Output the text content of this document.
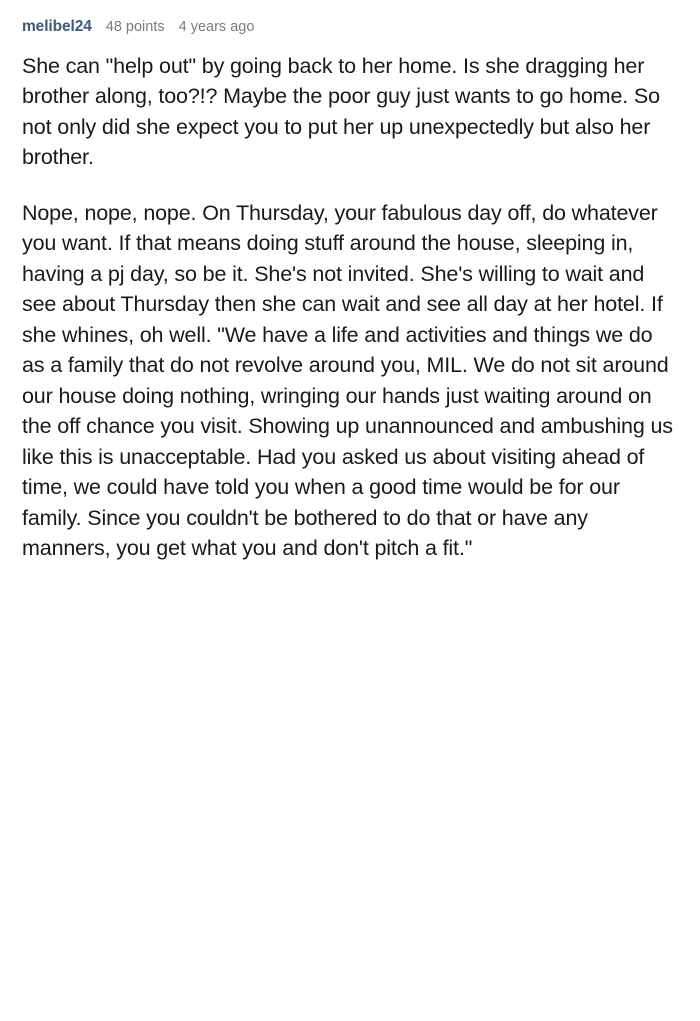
melibel24 48 points 4 years ago

She can "help out" by going back to her home. Is she dragging her brother along, too?!? Maybe the poor guy just wants to go home. So not only did she expect you to put her up unexpectedly but also her brother.

Nope, nope, nope. On Thursday, your fabulous day off, do whatever you want. If that means doing stuff around the house, sleeping in, having a pj day, so be it. She's not invited. She's willing to wait and see about Thursday then she can wait and see all day at her hotel. If she whines, oh well. "We have a life and activities and things we do as a family that do not revolve around you, MIL. We do not sit around our house doing nothing, wringing our hands just waiting around on the off chance you visit. Showing up unannounced and ambushing us like this is unacceptable. Had you asked us about visiting ahead of time, we could have told you when a good time would be for our family. Since you couldn't be bothered to do that or have any manners, you get what you and don't pitch a fit."
